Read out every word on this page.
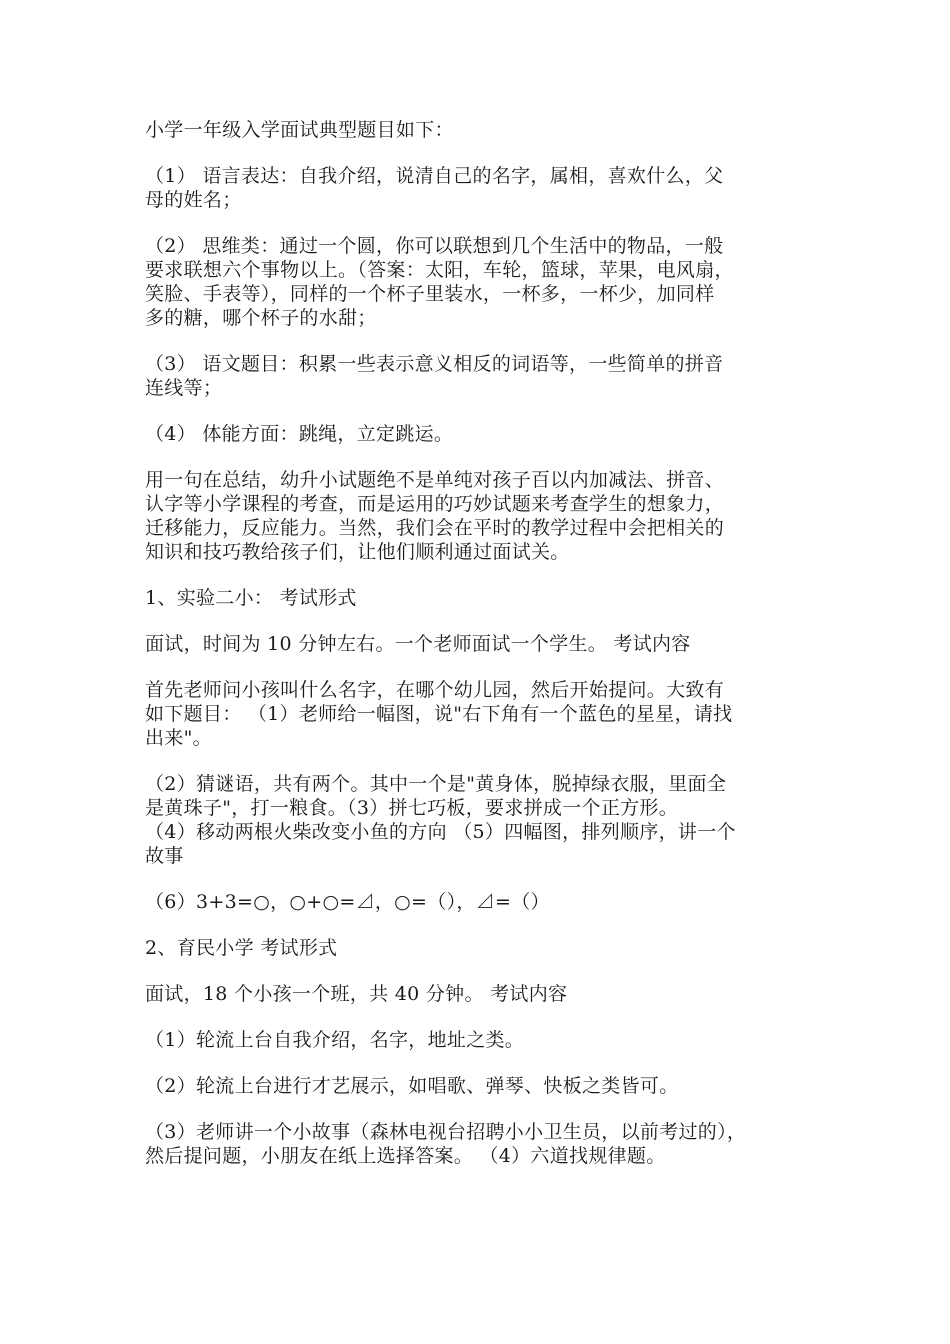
小学一年级入学面试典型题目如下：

（1） 语言表达：自我介绍，说清自己的名字，属相，喜欢什么，父
母的姓名；

（2） 思维类：通过一个圆，你可以联想到几个生活中的物品，一般
要求联想六个事物以上。（答案：太阳，车轮，篮球，苹果，电风扇，
笑脸、手表等），同样的一个杯子里装水，一杯多，一杯少，加同样
多的糖，哪个杯子的水甜；

（3） 语文题目：积累一些表示意义相反的词语等，一些简单的拼音
连线等；

（4） 体能方面：跳绳，立定跳运。

用一句在总结，幼升小试题绝不是单纯对孩子百以内加减法、拼音、
认字等小学课程的考查，而是运用的巧妙试题来考查学生的想象力，
迁移能力，反应能力。当然，我们会在平时的教学过程中会把相关的
知识和技巧教给孩子们，让他们顺利通过面试关。

1、实验二小： 考试形式

面试，时间为 10 分钟左右。一个老师面试一个学生。 考试内容

首先老师问小孩叫什么名字，在哪个幼儿园，然后开始提问。大致有
如下题目： （1）老师给一幅图，说"右下角有一个蓝色的星星，请找
出来"。

（2）猜谜语，共有两个。其中一个是"黄身体，脱掉绿衣服，里面全
是黄珠子"，打一粮食。（3）拼七巧板，要求拼成一个正方形。
（4）移动两根火柴改变小鱼的方向 （5）四幅图，排列顺序，讲一个
故事

（6）3+3=○，○+○=⊿，○=（），⊿=（）

2、育民小学 考试形式

面试，18 个小孩一个班，共 40 分钟。 考试内容

（1）轮流上台自我介绍，名字，地址之类。

（2）轮流上台进行才艺展示，如唱歌、弹琴、快板之类皆可。

（3）老师讲一个小故事（森林电视台招聘小小卫生员，以前考过的），
然后提问题，小朋友在纸上选择答案。 （4）六道找规律题。
